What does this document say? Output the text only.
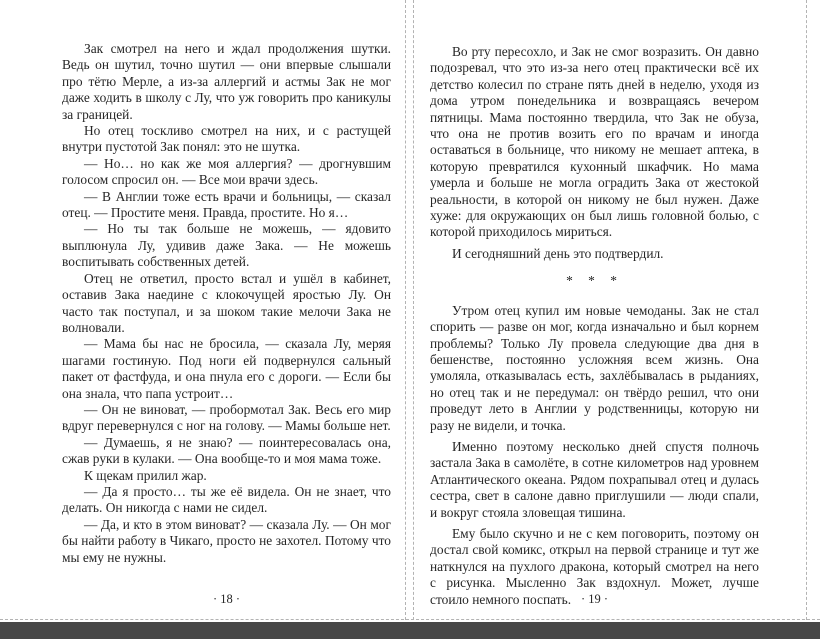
Зак смотрел на него и ждал продолжения шутки. Ведь он шутил, точно шутил — они впервые слышали про тётю Мерле, а из-за аллергий и астмы Зак не мог даже ходить в школу с Лу, что уж говорить про каникулы за границей.

Но отец тоскливо смотрел на них, и с растущей внутри пустотой Зак понял: это не шутка.

— Но… но как же моя аллергия? — дрогнувшим голосом спросил он. — Все мои врачи здесь.

— В Англии тоже есть врачи и больницы, — сказал отец. — Простите меня. Правда, простите. Но я…

— Но ты так больше не можешь, — ядовито выплюнула Лу, удивив даже Зака. — Не можешь воспитывать собственных детей.

Отец не ответил, просто встал и ушёл в кабинет, оставив Зака наедине с клокочущей яростью Лу. Он часто так поступал, и за шоком такие мелочи Зака не волновали.

— Мама бы нас не бросила, — сказала Лу, меряя шагами гостиную. Под ноги ей подвернулся сальный пакет от фастфуда, и она пнула его с дороги. — Если бы она знала, что папа устроит…

— Он не виноват, — пробормотал Зак. Весь его мир вдруг перевернулся с ног на голову. — Мамы больше нет.

— Думаешь, я не знаю? — поинтересовалась она, сжав руки в кулаки. — Она вообще-то и моя мама тоже.

К щекам прилил жар.

— Да я просто… ты же её видела. Он не знает, что делать. Он никогда с нами не сидел.

— Да, и кто в этом виноват? — сказала Лу. — Он мог бы найти работу в Чикаго, просто не захотел. Потому что мы ему не нужны.

· 18 ·

Во рту пересохло, и Зак не смог возразить. Он давно подозревал, что это из-за него отец практически всё их детство колесил по стране пять дней в неделю, уходя из дома утром понедельника и возвращаясь вечером пятницы. Мама постоянно твердила, что Зак не обуза, что она не против возить его по врачам и иногда оставаться в больнице, что никому не мешает аптека, в которую превратился кухонный шкафчик. Но мама умерла и больше не могла оградить Зака от жестокой реальности, в которой он никому не был нужен. Даже хуже: для окружающих он был лишь головной болью, с которой приходилось мириться.

И сегодняшний день это подтвердил.

* * *

Утром отец купил им новые чемоданы. Зак не стал спорить — разве он мог, когда изначально и был корнем проблемы? Только Лу провела следующие два дня в бешенстве, постоянно усложняя всем жизнь. Она умоляла, отказывалась есть, захлёбывалась в рыданиях, но отец так и не передумал: он твёрдо решил, что они проведут лето в Англии у родственницы, которую ни разу не видели, и точка.

Именно поэтому несколько дней спустя полночь застала Зака в самолёте, в сотне километров над уровнем Атлантического океана. Рядом похрапывал отец и дулась сестра, свет в салоне давно приглушили — люди спали, и вокруг стояла зловещая тишина.

Ему было скучно и не с кем поговорить, поэтому он достал свой комикс, открыл на первой странице и тут же наткнулся на пухлого дракона, который смотрел на него с рисунка. Мысленно Зак вздохнул. Может, лучше стоило немного поспать. · 19 ·
